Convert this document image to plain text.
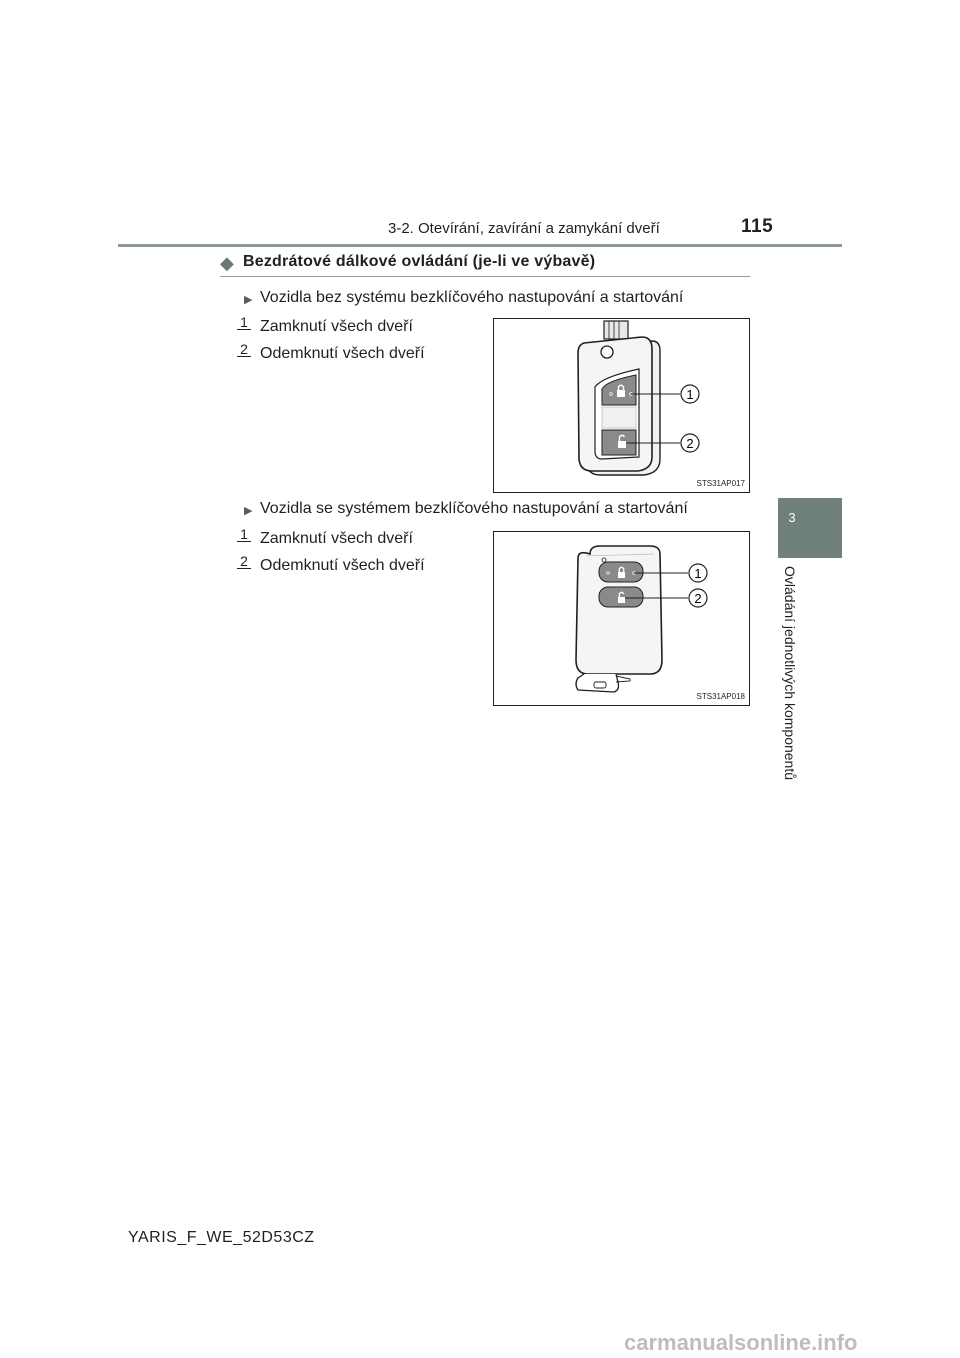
3-2. Otevírání, zavírání a zamykání dveří	115
3
Ovládání jednotlivých komponentů
◆ Bezdrátové dálkové ovládání (je-li ve výbavě)
▶ Vozidla bez systému bezklíčového nastupování a startování
1 Zamknutí všech dveří
2 Odemknutí všech dveří
1
2
STS31AP017
▶ Vozidla se systémem bezklíčového nastupování a startování
1 Zamknutí všech dveří
2 Odemknutí všech dveří	1
2
STS31AP018
YARIS_F_WE_52D53CZ
carmanualsonline.info
